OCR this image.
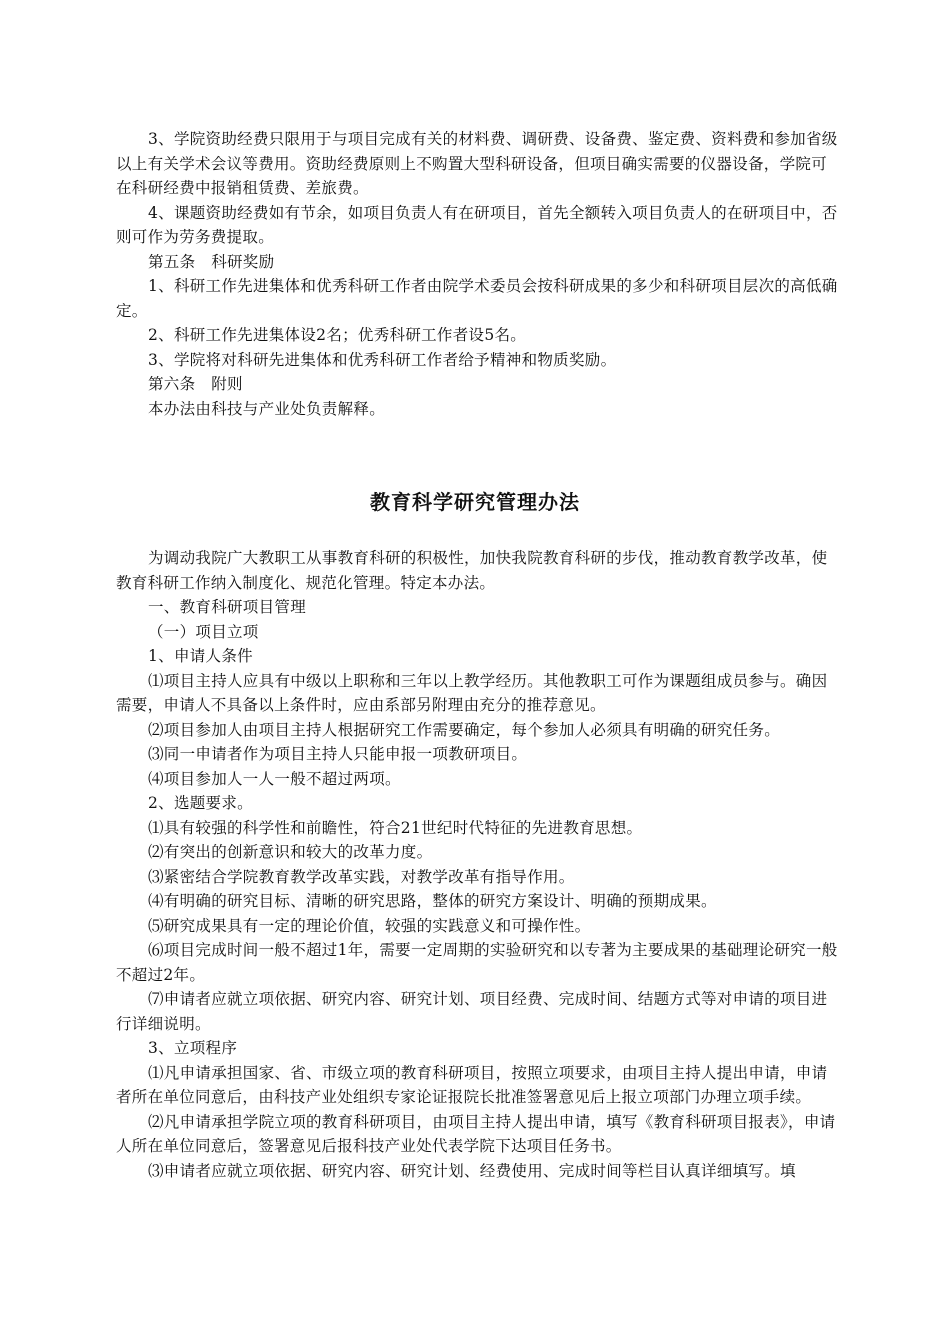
3、学院资助经费只限用于与项目完成有关的材料费、调研费、设备费、鉴定费、资料费和参加省级以上有关学术会议等费用。资助经费原则上不购置大型科研设备，但项目确实需要的仪器设备，学院可在科研经费中报销租赁费、差旅费。

4、课题资助经费如有节余，如项目负责人有在研项目，首先全额转入项目负责人的在研项目中，否则可作为劳务费提取。

第五条　科研奖励

1、科研工作先进集体和优秀科研工作者由院学术委员会按科研成果的多少和科研项目层次的高低确定。

2、科研工作先进集体设2名；优秀科研工作者设5名。

3、学院将对科研先进集体和优秀科研工作者给予精神和物质奖励。

第六条　附则

本办法由科技与产业处负责解释。

教育科学研究管理办法

为调动我院广大教职工从事教育科研的积极性，加快我院教育科研的步伐，推动教育教学改革，使教育科研工作纳入制度化、规范化管理。特定本办法。

一、教育科研项目管理

（一）项目立项

1、申请人条件

⑴项目主持人应具有中级以上职称和三年以上教学经历。其他教职工可作为课题组成员参与。确因需要，申请人不具备以上条件时，应由系部另附理由充分的推荐意见。

⑵项目参加人由项目主持人根据研究工作需要确定，每个参加人必须具有明确的研究任务。

⑶同一申请者作为项目主持人只能申报一项教研项目。

⑷项目参加人一人一般不超过两项。

2、选题要求。

⑴具有较强的科学性和前瞻性，符合21世纪时代特征的先进教育思想。

⑵有突出的创新意识和较大的改革力度。

⑶紧密结合学院教育教学改革实践，对教学改革有指导作用。

⑷有明确的研究目标、清晰的研究思路，整体的研究方案设计、明确的预期成果。

⑸研究成果具有一定的理论价值，较强的实践意义和可操作性。

⑹项目完成时间一般不超过1年，需要一定周期的实验研究和以专著为主要成果的基础理论研究一般不超过2年。

⑺申请者应就立项依据、研究内容、研究计划、项目经费、完成时间、结题方式等对申请的项目进行详细说明。

3、立项程序

⑴凡申请承担国家、省、市级立项的教育科研项目，按照立项要求，由项目主持人提出申请，申请者所在单位同意后，由科技产业处组织专家论证报院长批准签署意见后上报立项部门办理立项手续。

⑵凡申请承担学院立项的教育科研项目，由项目主持人提出申请，填写《教育科研项目报表》，申请人所在单位同意后，签署意见后报科技产业处代表学院下达项目任务书。

⑶申请者应就立项依据、研究内容、研究计划、经费使用、完成时间等栏目认真详细填写。填
